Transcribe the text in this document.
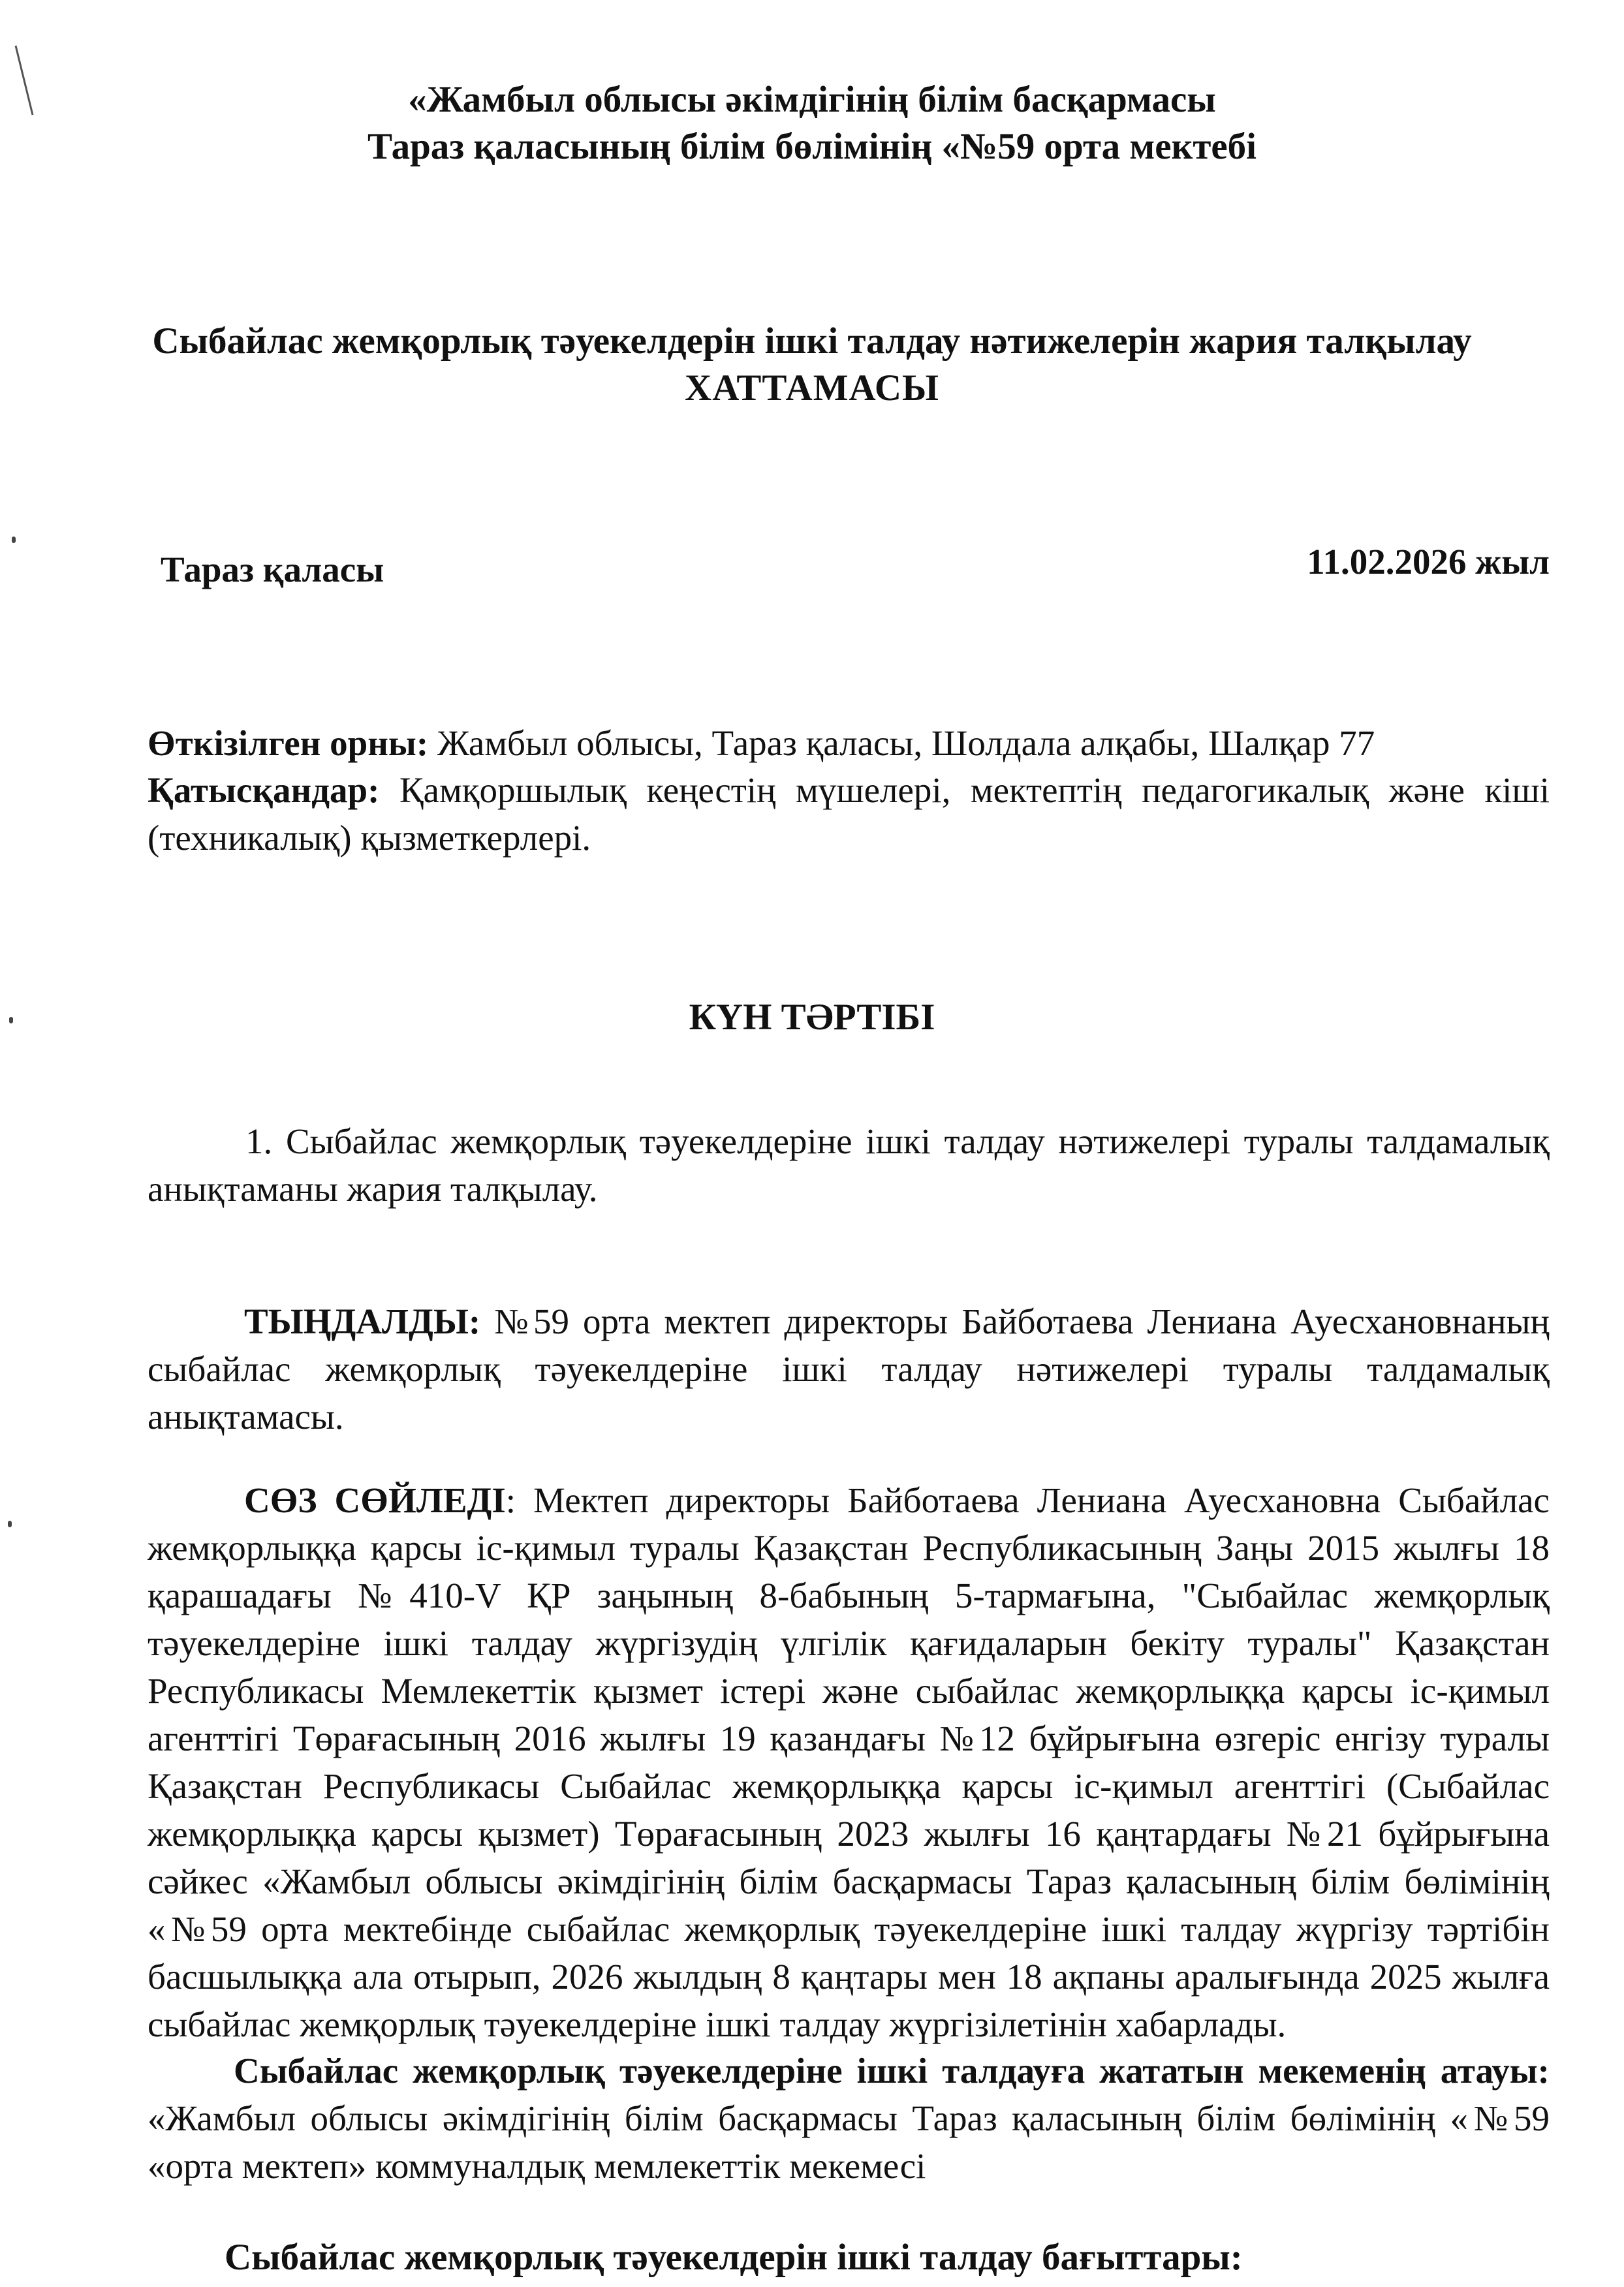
«Жамбыл облысы әкімдігінің білім басқармасы
Тараз қаласының білім бөлімінің «№59 орта мектебі
Сыбайлас жемқорлық тәуекелдерін ішкі талдау нәтижелерін жария талқылау
ХАТТАМАСЫ
Тараз қаласы	11.02.2026 жыл
Өткізілген орны: Жамбыл облысы, Тараз қаласы, Шолдала алқабы, Шалқар 77
Қатысқандар: Қамқоршылық кеңестің мүшелері, мектептің педагогикалық және кіші (техникалық) қызметкерлері.
КҮН ТӘРТІБІ
1. Сыбайлас жемқорлық тәуекелдеріне ішкі талдау нәтижелері туралы талдамалық анықтаманы жария талқылау.
ТЫҢДАЛДЫ: №59 орта мектеп директоры Байботаева Лениана Ауесхановнаның сыбайлас жемқорлық тәуекелдеріне ішкі талдау нәтижелері туралы талдамалық анықтамасы.
СӨЗ СӨЙЛЕДІ: Мектеп директоры Байботаева Лениана Ауесхановна Сыбайлас жемқорлыққа қарсы іс-қимыл туралы Қазақстан Республикасының Заңы 2015 жылғы 18 қарашадағы №410-V ҚР заңының 8-бабының 5-тармағына, "Сыбайлас жемқорлық тәуекелдеріне ішкі талдау жүргізудің үлгілік қағидаларын бекіту туралы" Қазақстан Республикасы Мемлекеттік қызмет істері және сыбайлас жемқорлыққа қарсы іс-қимыл агенттігі Төрағасының 2016 жылғы 19 қазандағы №12 бұйрығына өзгеріс енгізу туралы Қазақстан Республикасы Сыбайлас жемқорлыққа қарсы іс-қимыл агенттігі (Сыбайлас жемқорлыққа қарсы қызмет) Төрағасының 2023 жылғы 16 қаңтардағы №21 бұйрығына сәйкес «Жамбыл облысы әкімдігінің білім басқармасы Тараз қаласының білім бөлімінің «№59 орта мектебінде сыбайлас жемқорлық тәуекелдеріне ішкі талдау жүргізу тәртібін басшылыққа ала отырып, 2026 жылдың 8 қаңтары мен 18 ақпаны аралығында 2025 жылға сыбайлас жемқорлық тәуекелдеріне ішкі талдау жүргізілетінін хабарлады.
Сыбайлас жемқорлық тәуекелдеріне ішкі талдауға жататын мекеменің атауы: «Жамбыл облысы әкімдігінің білім басқармасы Тараз қаласының білім бөлімінің «№59 «орта мектеп» коммуналдық мемлекеттік мекемесі
Сыбайлас жемқорлық тәуекелдерін ішкі талдау бағыттары:
